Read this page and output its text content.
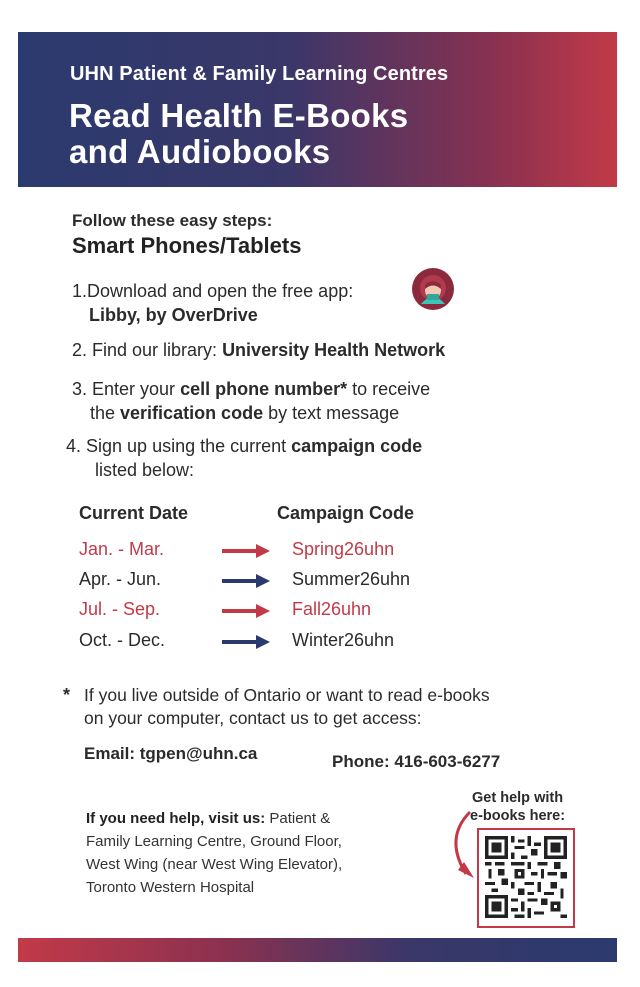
UHN Patient & Family Learning Centres
Read Health E-Books
and Audiobooks
Follow these easy steps:
Smart Phones/Tablets
1.Download and open the free app:
Libby, by OverDrive
2. Find our library: University Health Network
3. Enter your cell phone number* to receive
the verification code by text message
4. Sign up using the current campaign code
listed below:
Current Date	Campaign Code
Jan. - Mar.	Spring26uhn
Apr. - Jun.	Summer26uhn
Jul. - Sep.	Fall26uhn
Oct. - Dec.	Winter26uhn
* If you live outside of Ontario or want to read e-books
on your computer, contact us to get access:
Email: tgpen@uhn.ca	Phone: 416-603-6277
If you need help, visit us: Patient &
Family Learning Centre, Ground Floor,
West Wing (near West Wing Elevator),
Toronto Western Hospital
Get help with
e-books here:
